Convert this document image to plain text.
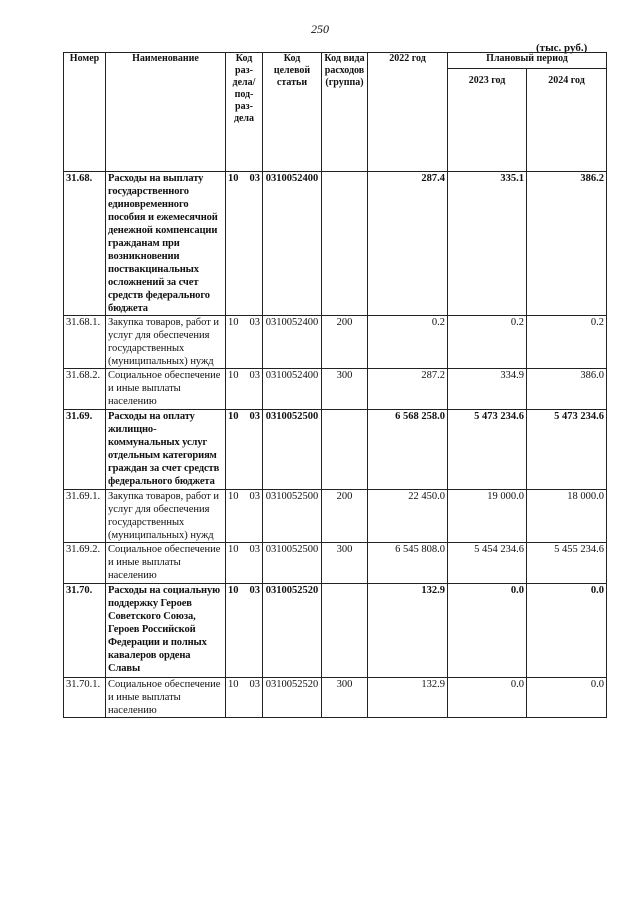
250
(тыс. руб.)
Номер	Наименование	Код раз-дела/ под-раз-дела	Код целевой статьи	Код вида расходов (группа)	2022 год	Плановый период	
						2023 год	2024 год
31.68.	Расходы на выплату государственного единовременного пособия и ежемесячной денежной компенсации гражданам при возникновении поствакцинальных осложнений за счет средств федерального бюджета	10 03	0310052400		287.4	335.1	386.2
31.68.1.	Закупка товаров, работ и услуг для обеспечения государственных (муниципальных) нужд	10 03	0310052400	200	0.2	0.2	0.2
31.68.2.	Социальное обеспечение и иные выплаты населению	10 03	0310052400	300	287.2	334.9	386.0
31.69.	Расходы на оплату жилищно-коммунальных услуг отдельным категориям граждан за счет средств федерального бюджета	10 03	0310052500		6 568 258.0	5 473 234.6	5 473 234.6
31.69.1.	Закупка товаров, работ и услуг для обеспечения государственных (муниципальных) нужд	10 03	0310052500	200	22 450.0	19 000.0	18 000.0
31.69.2.	Социальное обеспечение и иные выплаты населению	10 03	0310052500	300	6 545 808.0	5 454 234.6	5 455 234.6
31.70.	Расходы на социальную поддержку Героев Советского Союза, Героев Российской Федерации и полных кавалеров ордена Славы	10 03	0310052520		132.9	0.0	0.0
31.70.1.	Социальное обеспечение и иные выплаты населению	10 03	0310052520	300	132.9	0.0	0.0
